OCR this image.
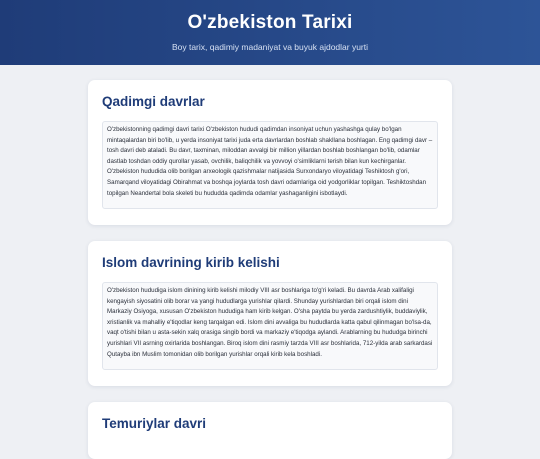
O'zbekiston Tarixi
Boy tarix, qadimiy madaniyat va buyuk ajdodlar yurti
Qadimgi davrlar
O'zbekistonning qadimgi davri tarixi O'zbekiston hududi qadimdan insoniyat uchun yashashga qulay bo'lgan mintaqalardan biri bo'lib, u yerda insoniyat tarixi juda erta davrlardan boshlab shakllana boshlagan. Eng qadimgi davr – tosh davri deb ataladi. Bu davr, taxminan, miloddan avvalgi bir million yillardan boshlab boshlangan bo'lib, odamlar dastlab toshdan oddiy qurollar yasab, ovchilik, baliqchilik va yovvoyi o'simliklarni terish bilan kun kechirganlar. O'zbekiston hududida olib borilgan arxeologik qazishmalar natijasida Surxondaryo viloyatidagi Teshiktosh g'ori, Samarqand viloyatidagi Obirahmat va boshqa joylarda tosh davri odamlariga oid yodgorliklar topilgan. Teshiktoshdan topilgan Neandertal bola skeleti bu hududda qadimda odamlar yashaganligini isbotlaydi.
Islom davrining kirib kelishi
O'zbekiston hududiga islom dinining kirib kelishi milodiy VIII asr boshlariga to'g'ri keladi. Bu davrda Arab xalifaligi kengayish siyosatini olib borar va yangi hududlarga yurishlar qilardi. Shunday yurishlardan biri orqali islom dini Markaziy Osiyoga, xususan O'zbekiston hududiga ham kirib kelgan. O'sha paytda bu yerda zardushtiylik, buddaviylik, xristianlik va mahalliy e'tiqodlar keng tarqalgan edi. Islom dini avvaliga bu hududlarda katta qabul qilinmagan bo'lsa-da, vaqt o'tishi bilan u asta-sekin xalq orasiga singib bordi va markaziy e'tiqodga aylandi. Arablarning bu hududga birinchi yurishlari VII asrning oxirlarida boshlangan. Biroq islom dini rasmiy tarzda VIII asr boshlarida, 712-yilda arab sarkardasi Qutayba ibn Muslim tomonidan olib borilgan yurishlar orqali kirib kela boshladi.
Temuriylar davri
